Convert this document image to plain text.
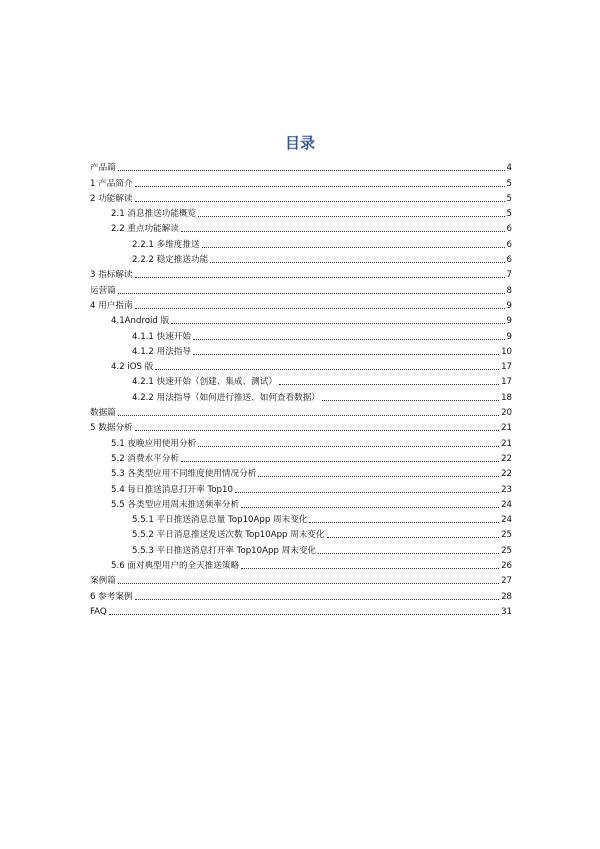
目录
产品篇	4
1 产品简介	5
2 功能解读	5
2.1 消息推送功能概览	5
2.2 重点功能解读	6
2.2.1 多维度推送	6
2.2.2 稳定推送功能	6
3 指标解读	7
运营篇	8
4 用户指南	9
4.1Android 版	9
4.1.1 快速开始	9
4.1.2 用法指导	10
4.2 iOS 版	17
4.2.1 快速开始（创建、集成、测试）	17
4.2.2 用法指导（如何进行推送、如何查看数据）	18
数据篇	20
5 数据分析	21
5.1 夜晚应用使用分析	21
5.2 消费水平分析	22
5.3 各类型应用不同维度使用情况分析	22
5.4 每日推送消息打开率 Top10	23
5.5 各类型应用周末推送频率分析	24
5.5.1 平日推送消息总量 Top10App 周末变化	24
5.5.2 平日消息推送发送次数 Top10App 周末变化	25
5.5.3 平日推送消息打开率 Top10App 周末变化	25
5.6 面对典型用户的全天推送策略	26
案例篇	27
6 参考案例	28
FAQ	31
